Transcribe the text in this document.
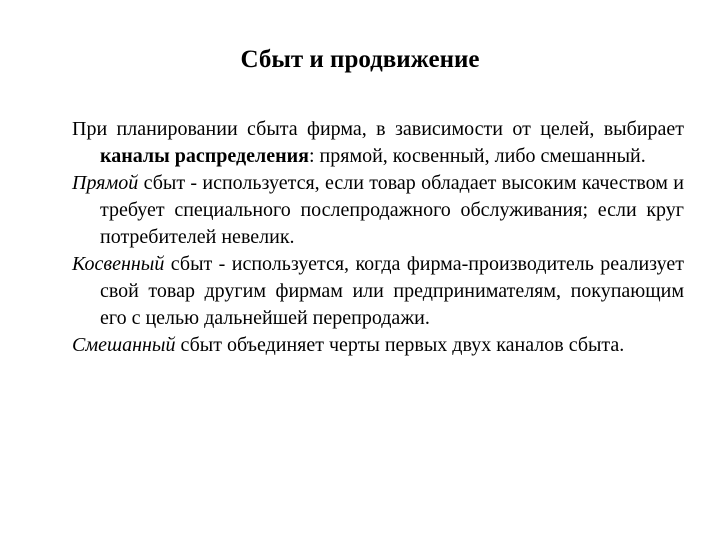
Сбыт и продвижение

При планировании сбыта фирма, в зависимости от целей, выбирает каналы распределения: прямой, косвенный, либо смешанный.

Прямой сбыт - используется, если товар обладает высоким качеством и требует специального послепродажного обслуживания; если круг потребителей невелик.

Косвенный сбыт - используется, когда фирма-производитель реализует свой товар другим фирмам или предпринимателям, покупающим его с целью дальнейшей перепродажи.

Смешанный сбыт объединяет черты первых двух каналов сбыта.
